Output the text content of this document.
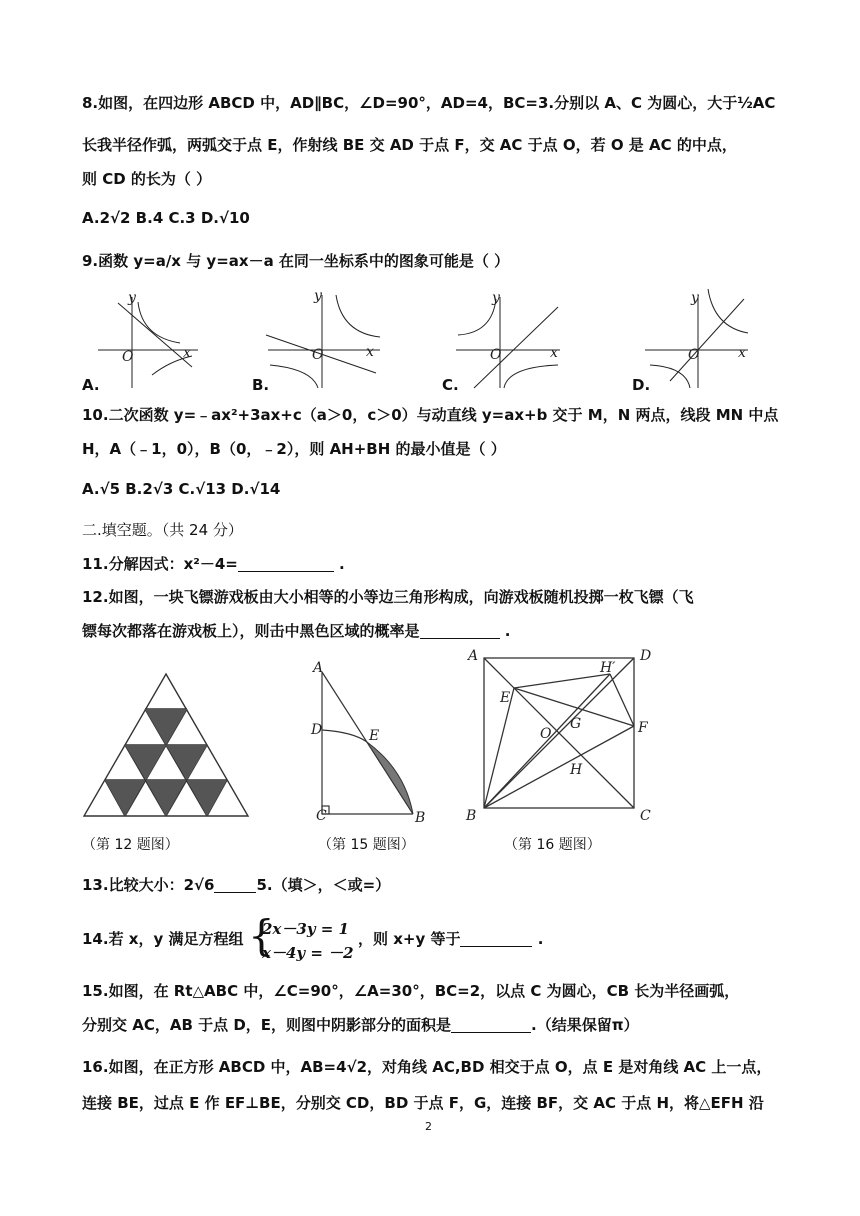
8.如图，在四边形 ABCD 中，AD∥BC，∠D=90°，AD=4，BC=3.分别以 A、C 为圆心，大于½AC
长我半径作弧，两弧交于点 E，作射线 BE 交 AD 于点 F，交 AC 于点 O，若 O 是 AC 的中点，
则 CD 的长为（ ）
A.2√2 B.4 C.3 D.√10
9.函数 y=a/x 与 y=ax－a 在同一坐标系中的图象可能是（ ）
y
x
O
y
x
O
y
x
O
y
x
O
A.	B.	C.	D.
10.二次函数 y=﹣ax²+3ax+c（a＞0，c＞0）与动直线 y=ax+b 交于 M，N 两点，线段 MN 中点
H，A（﹣1，0），B（0，﹣2），则 AH+BH 的最小值是（ ）
A.√5 B.2√3 C.√13 D.√14
二.填空题。（共 24 分）
11.分解因式：x²－4=	.
12.如图，一块飞镖游戏板由大小相等的小等边三角形构成，向游戏板随机投掷一枚飞镖（飞
镖每次都落在游戏板上），则击中黑色区域的概率是	.
A
D	E
C	B
A	D
H′
E
O
G	F
H
B	C
（第 12 题图）	（第 15 题图）	（第 16 题图）
13.比较大小：2√6	5.（填＞，＜或=）
14.若 x，y 满足方程组 {
2x－3y = 1
x－4y = －2
，则 x+y 等于	.
15.如图，在 Rt△ABC 中，∠C=90°，∠A=30°，BC=2，以点 C 为圆心，CB 长为半径画弧，
分别交 AC，AB 于点 D，E，则图中阴影部分的面积是	.（结果保留π）
16.如图，在正方形 ABCD 中，AB=4√2，对角线 AC,BD 相交于点 O，点 E 是对角线 AC 上一点，
连接 BE，过点 E 作 EF⊥BE，分别交 CD，BD 于点 F，G，连接 BF，交 AC 于点 H，将△EFH 沿
2
